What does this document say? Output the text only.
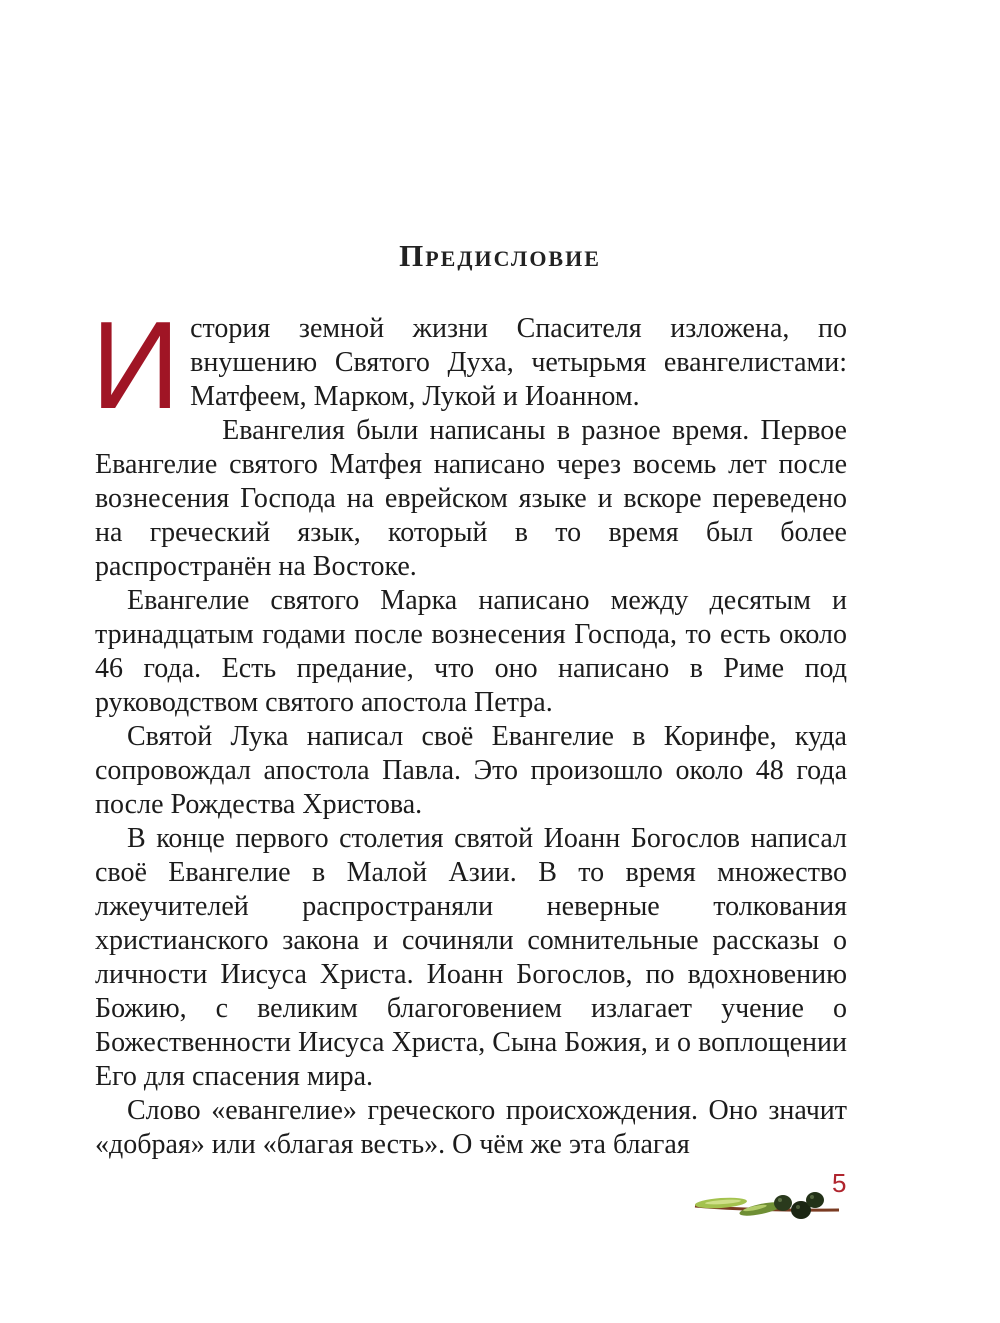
Предисловие

История земной жизни Спасителя изложена, по внушению Святого Духа, четырьмя евангелистами: Матфеем, Марком, Лукой и Иоанном.

Евангелия были написаны в разное время. Первое Евангелие святого Матфея написано через восемь лет после вознесения Господа на еврейском языке и вскоре переведено на греческий язык, который в то время был более распространён на Востоке.

Евангелие святого Марка написано между десятым и тринадцатым годами после вознесения Господа, то есть около 46 года. Есть предание, что оно написано в Риме под руководством святого апостола Петра.

Святой Лука написал своё Евангелие в Коринфе, куда сопровождал апостола Павла. Это произошло около 48 года после Рождества Христова.

В конце первого столетия святой Иоанн Богослов написал своё Евангелие в Малой Азии. В то время множество лжеучителей распространяли неверные толкования христианского закона и сочиняли сомнительные рассказы о личности Иисуса Христа. Иоанн Богослов, по вдохновению Божию, с великим благоговением излагает учение о Божественности Иисуса Христа, Сына Божия, и о воплощении Его для спасения мира.

Слово «евангелие» греческого происхождения. Оно значит «добрая» или «благая весть». О чём же эта благая

5
